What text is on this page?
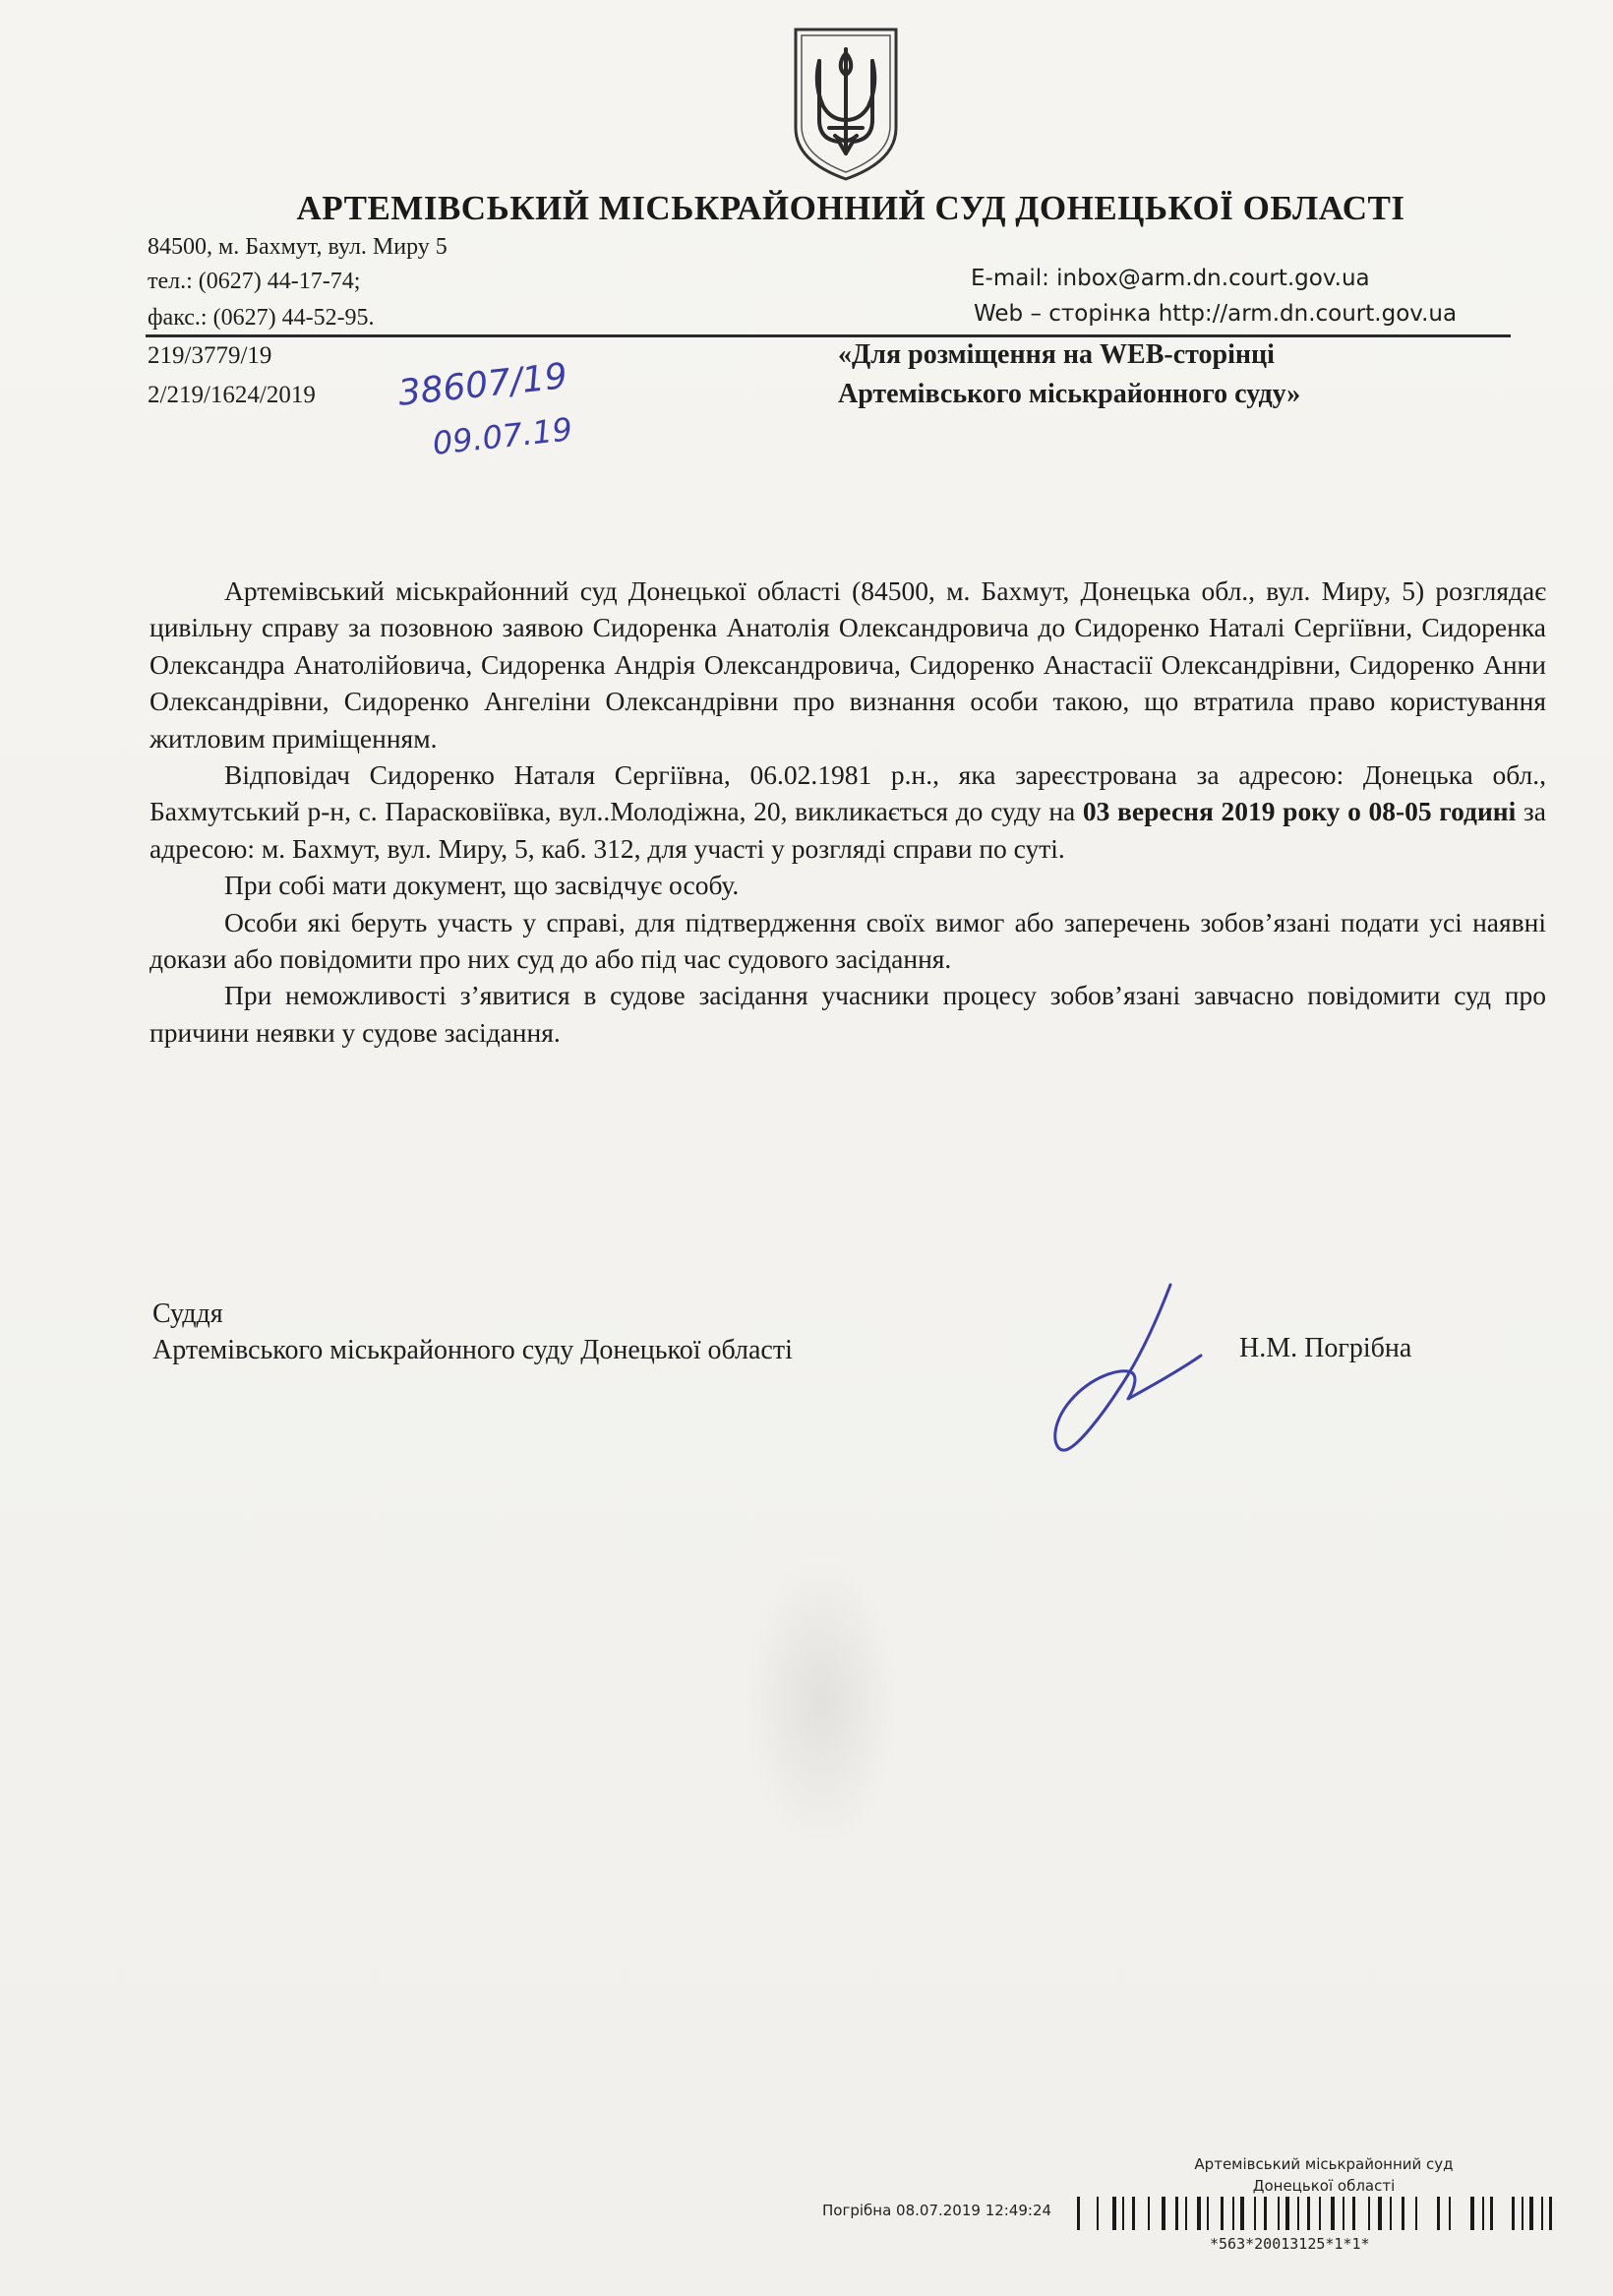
АРТЕМІВСЬКИЙ МІСЬКРАЙОННИЙ СУД ДОНЕЦЬКОЇ ОБЛАСТІ
84500, м. Бахмут, вул. Миру 5
тел.: (0627) 44-17-74;
факс.: (0627) 44-52-95.
E-mail: inbox@arm.dn.court.gov.ua
Web – сторінка http://arm.dn.court.gov.ua
219/3779/19
2/219/1624/2019 38607/19
09.07.19
«Для розміщення на WEB-сторінці
Артемівського міськрайонного суду»

Артемівський міськрайонний суд Донецької області (84500, м. Бахмут, Донецька обл., вул. Миру, 5) розглядає цивільну справу за позовною заявою Сидоренка Анатолія Олександровича до Сидоренко Наталі Сергіївни, Сидоренка Олександра Анатолійовича, Сидоренка Андрія Олександровича, Сидоренко Анастасії Олександрівни, Сидоренко Анни Олександрівни, Сидоренко Ангеліни Олександрівни про визнання особи такою, що втратила право користування житловим приміщенням.

Відповідач Сидоренко Наталя Сергіївна, 06.02.1981 р.н., яка зареєстрована за адресою: Донецька обл., Бахмутський р-н, с. Парасковіївка, вул..Молодіжна, 20, викликається до суду на 03 вересня 2019 року о 08-05 годині за адресою: м. Бахмут, вул. Миру, 5, каб. 312, для участі у розгляді справи по суті.

При собі мати документ, що засвідчує особу.

Особи які беруть участь у справі, для підтвердження своїх вимог або заперечень зобов’язані подати усі наявні докази або повідомити про них суд до або під час судового засідання.

При неможливості з’явитися в судове засідання учасники процесу зобов’язані завчасно повідомити суд про причини неявки у судове засідання.

Суддя
Артемівського міськрайонного суду Донецької області	Н.М. Погрібна
Артемівський міськрайонний суд
Донецької області
Погрібна 08.07.2019 12:49:24
*563*20013125*1*1*
